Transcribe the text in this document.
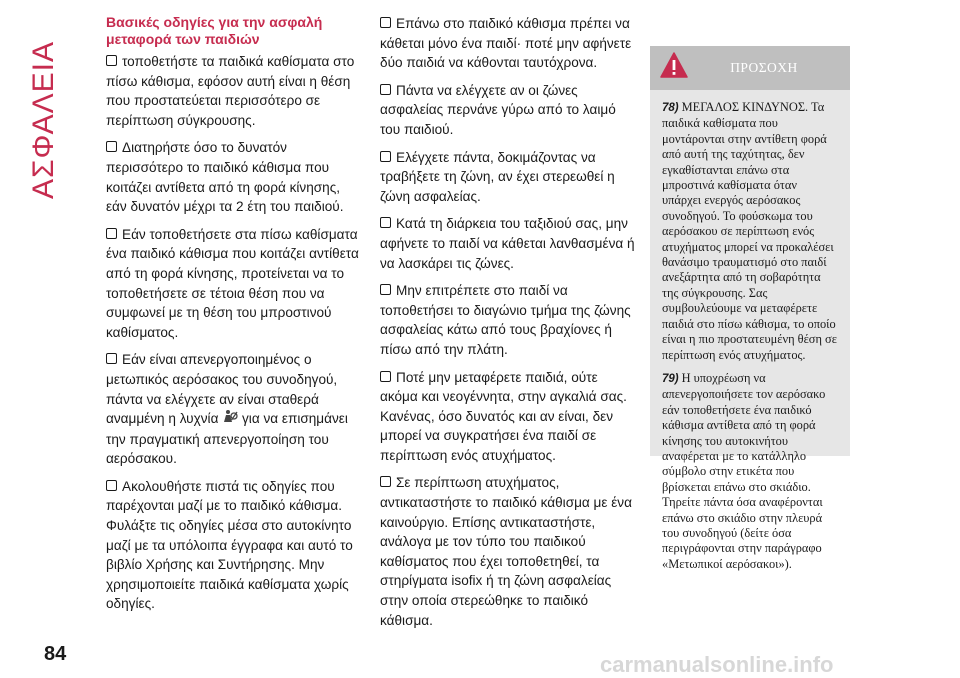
ΑΣΦΑΛΕΙΑ
Βασικές οδηγίες για την ασφαλή μεταφορά των παιδιών

τοποθετήστε τα παιδικά καθίσματα στο πίσω κάθισμα, εφόσον αυτή είναι η θέση που προστατεύεται περισσότερο σε περίπτωση σύγκρουσης.

Διατηρήστε όσο το δυνατόν περισσότερο το παιδικό κάθισμα που κοιτάζει αντίθετα από τη φορά κίνησης, εάν δυνατόν μέχρι τα 2 έτη του παιδιού.

Εάν τοποθετήσετε στα πίσω καθίσματα ένα παιδικό κάθισμα που κοιτάζει αντίθετα από τη φορά κίνησης, προτείνεται να το τοποθετήσετε σε τέτοια θέση που να συμφωνεί με τη θέση του μπροστινού καθίσματος.

Εάν είναι απενεργοποιημένος ο μετωπικός αερόσακος του συνοδηγού, πάντα να ελέγχετε αν είναι σταθερά αναμμένη η λυχνία για να επισημάνει την πραγματική απενεργοποίηση του αερόσακου.

Ακολουθήστε πιστά τις οδηγίες που παρέχονται μαζί με το παιδικό κάθισμα. Φυλάξτε τις οδηγίες μέσα στο αυτοκίνητο μαζί με τα υπόλοιπα έγγραφα και αυτό το βιβλίο Χρήσης και Συντήρησης. Μην χρησιμοποιείτε παιδικά καθίσματα χωρίς οδηγίες.

Επάνω στο παιδικό κάθισμα πρέπει να κάθεται μόνο ένα παιδί· ποτέ μην αφήνετε δύο παιδιά να κάθονται ταυτόχρονα.

Πάντα να ελέγχετε αν οι ζώνες ασφαλείας περνάνε γύρω από το λαιμό του παιδιού.

Ελέγχετε πάντα, δοκιμάζοντας να τραβήξετε τη ζώνη, αν έχει στερεωθεί η ζώνη ασφαλείας.

Κατά τη διάρκεια του ταξιδιού σας, μην αφήνετε το παιδί να κάθεται λανθασμένα ή να λασκάρει τις ζώνες.

Μην επιτρέπετε στο παιδί να τοποθετήσει το διαγώνιο τμήμα της ζώνης ασφαλείας κάτω από τους βραχίονες ή πίσω από την πλάτη.

Ποτέ μην μεταφέρετε παιδιά, ούτε ακόμα και νεογέννητα, στην αγκαλιά σας. Κανένας, όσο δυνατός και αν είναι, δεν μπορεί να συγκρατήσει ένα παιδί σε περίπτωση ενός ατυχήματος.

Σε περίπτωση ατυχήματος, αντικαταστήστε το παιδικό κάθισμα με ένα καινούργιο. Επίσης αντικαταστήστε, ανάλογα με τον τύπο του παιδικού καθίσματος που έχει τοποθετηθεί, τα στηρίγματα isofix ή τη ζώνη ασφαλείας στην οποία στερεώθηκε το παιδικό κάθισμα.

ΠΡΟΣΟΧΗ

78) ΜΕΓΑΛΟΣ ΚΙΝΔΥΝΟΣ. Τα παιδικά καθίσματα που μοντάρονται στην αντίθετη φορά από αυτή της ταχύτητας, δεν εγκαθίστανται επάνω στα μπροστινά καθίσματα όταν υπάρχει ενεργός αερόσακος συνοδηγού. Το φούσκωμα του αερόσακου σε περίπτωση ενός ατυχήματος μπορεί να προκαλέσει θανάσιμο τραυματισμό στο παιδί ανεξάρτητα από τη σοβαρότητα της σύγκρουσης. Σας συμβουλεύουμε να μεταφέρετε παιδιά στο πίσω κάθισμα, το οποίο είναι η πιο προστατευμένη θέση σε περίπτωση ενός ατυχήματος.

79) Η υποχρέωση να απενεργοποιήσετε τον αερόσακο εάν τοποθετήσετε ένα παιδικό κάθισμα αντίθετα από τη φορά κίνησης του αυτοκινήτου αναφέρεται με το κατάλληλο σύμβολο στην ετικέτα που βρίσκεται επάνω στο σκιάδιο. Τηρείτε πάντα όσα αναφέρονται επάνω στο σκιάδιο στην πλευρά του συνοδηγού (δείτε όσα περιγράφονται στην παράγραφο «Μετωπικοί αερόσακοι»).

84	carmanualsonline.info
